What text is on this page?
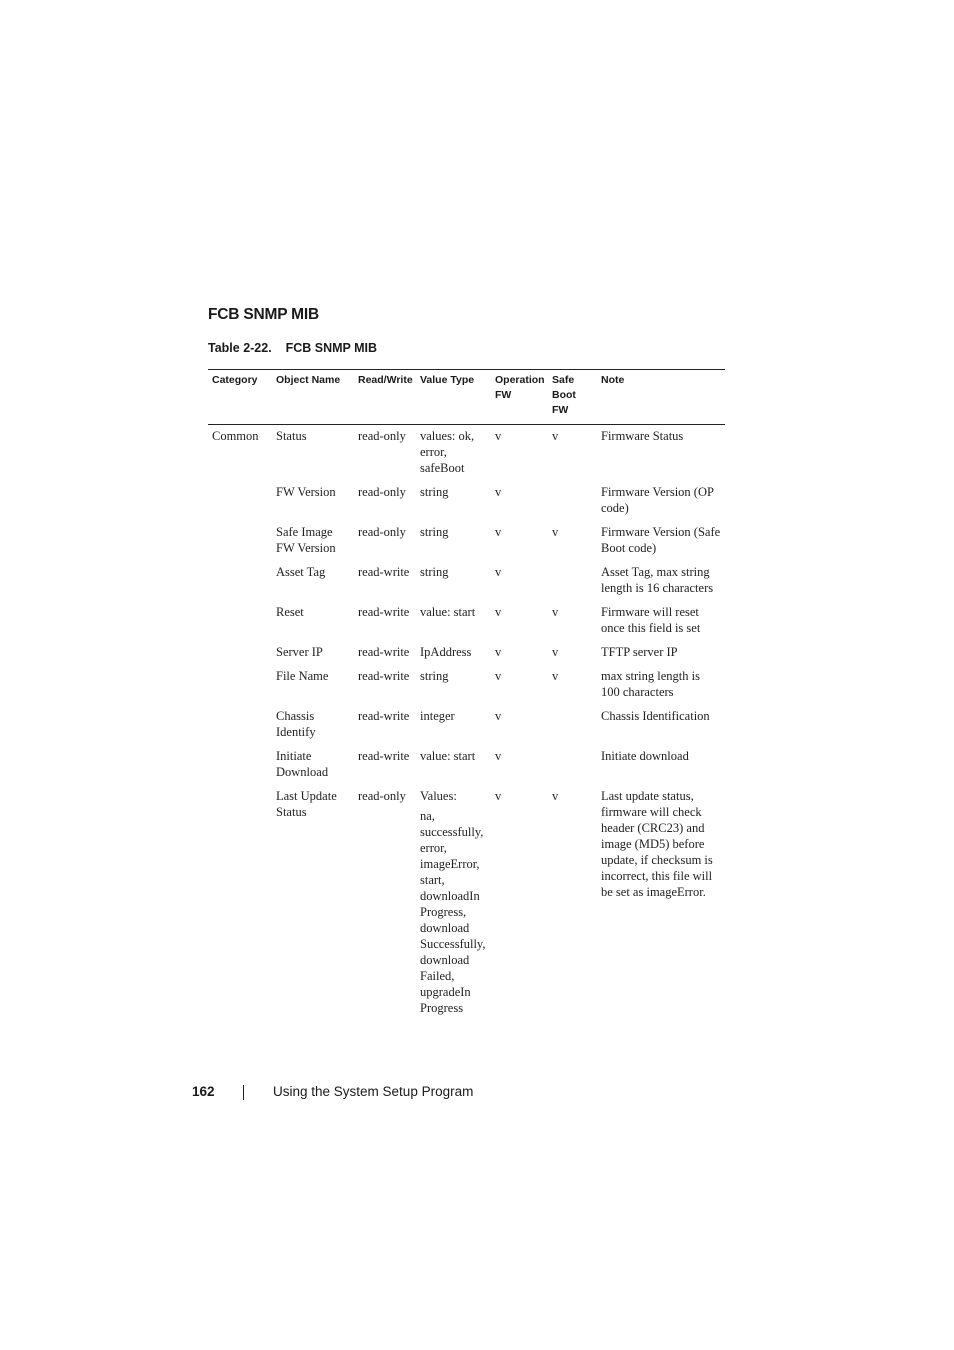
FCB SNMP MIB
Table 2-22.    FCB SNMP MIB
Category	Object Name	Read/Write	Value Type	Operation FW	Safe Boot FW	Note
Common	Status	read-only	values: ok, error, safeBoot	v	v	Firmware Status
	FW Version	read-only	string	v		Firmware Version (OP code)
	Safe Image FW Version	read-only	string	v	v	Firmware Version (Safe Boot code)
	Asset Tag	read-write	string	v		Asset Tag, max string length is 16 characters
	Reset	read-write	value: start	v	v	Firmware will reset once this field is set
	Server IP	read-write	IpAddress	v	v	TFTP server IP
	File Name	read-write	string	v	v	max string length is 100 characters
	Chassis Identify	read-write	integer	v		Chassis Identification
	Initiate Download	read-write	value: start	v		Initiate download
	Last Update Status	read-only	Values:
na, successfully, error, imageError, start, downloadIn Progress, download Successfully, download Failed, upgradeIn Progress	v	v	Last update status, firmware will check header (CRC23) and image (MD5) before update, if checksum is incorrect, this file will be set as imageError.
162	Using the System Setup Program
